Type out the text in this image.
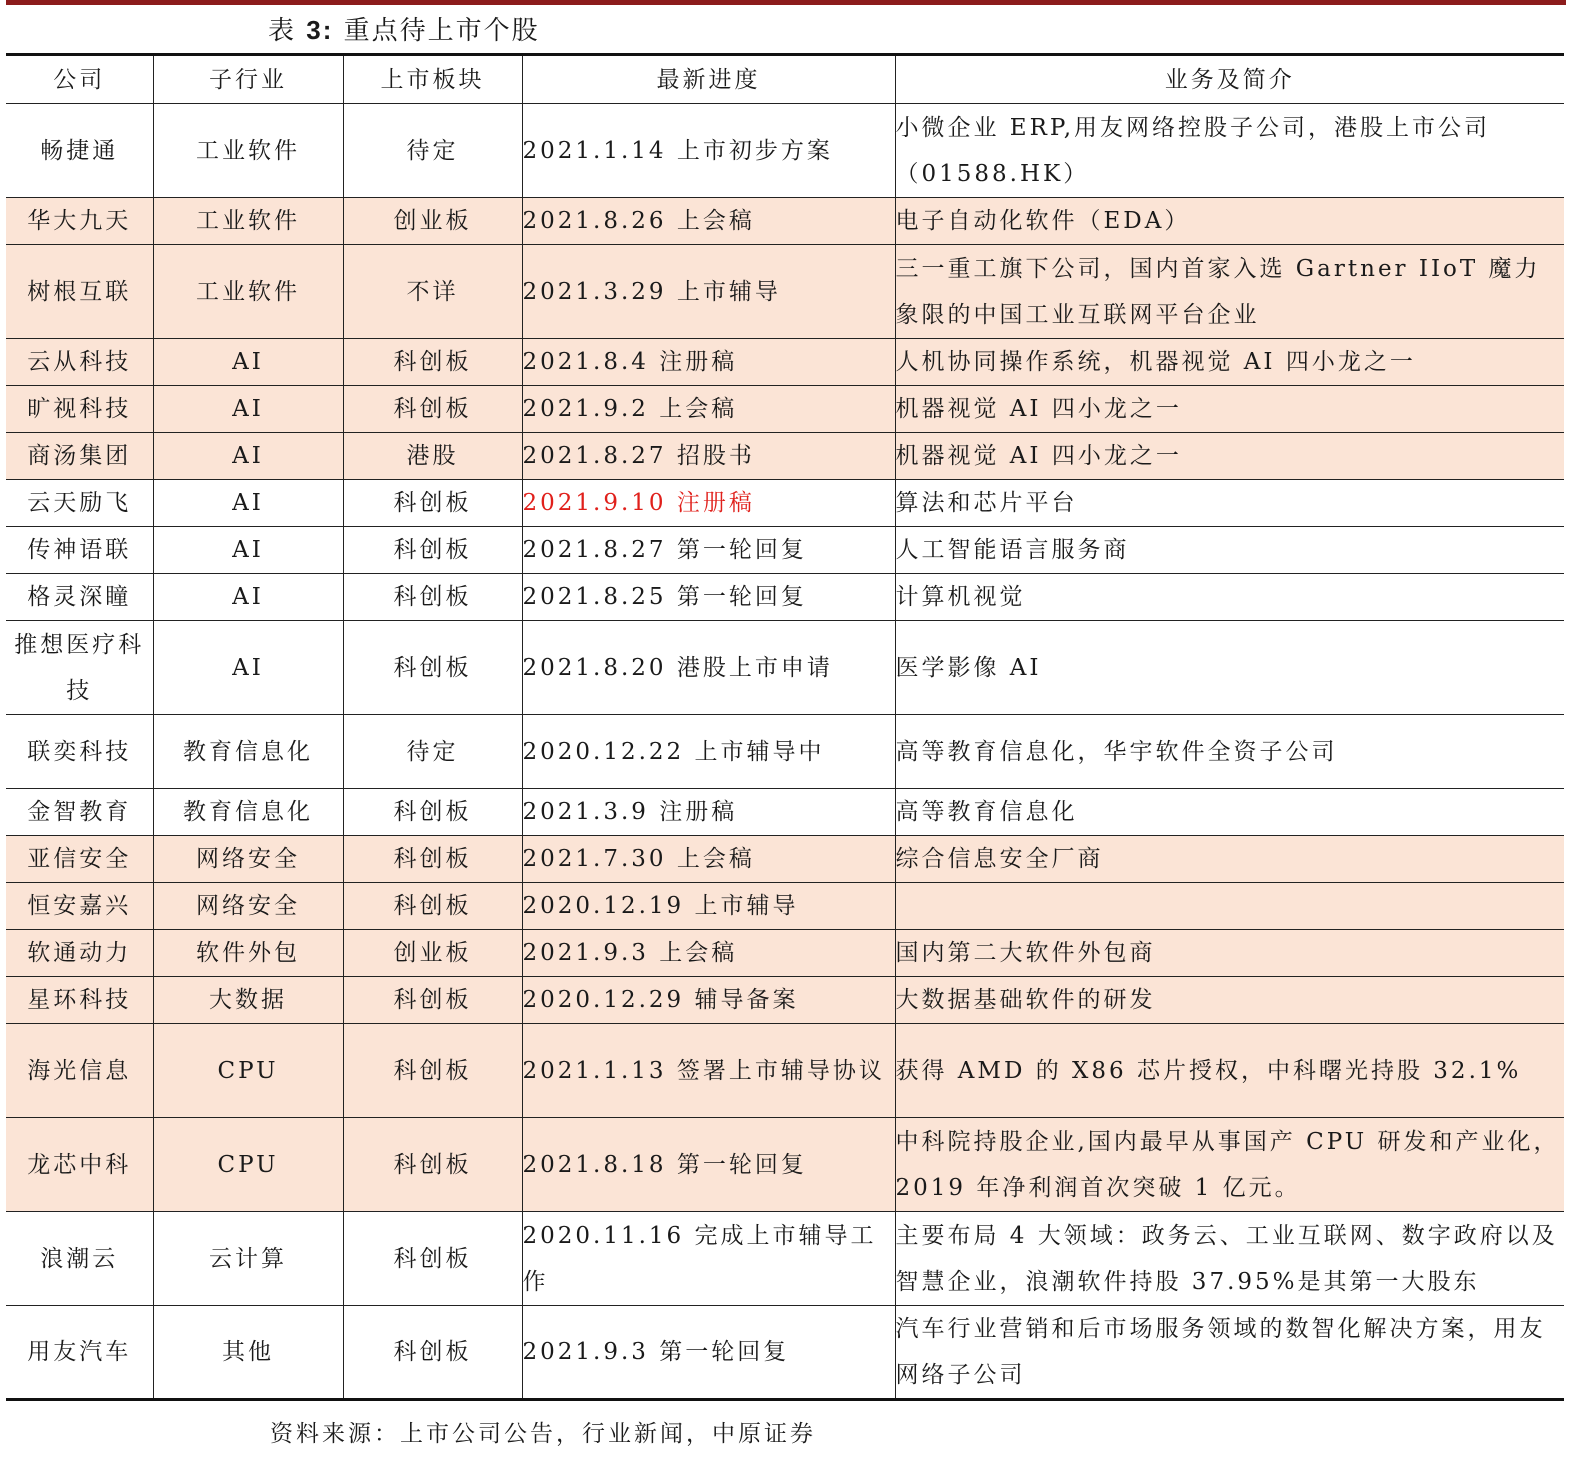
表 3: 重点待上市个股
公司	子行业	上市板块	最新进度	业务及简介
畅捷通	工业软件	待定	2021.1.14 上市初步方案	小微企业 ERP,用友网络控股子公司，港股上市公司（01588.HK）
华大九天	工业软件	创业板	2021.8.26 上会稿	电子自动化软件（EDA）
树根互联	工业软件	不详	2021.3.29 上市辅导	三一重工旗下公司，国内首家入选 Gartner IIoT 魔力象限的中国工业互联网平台企业
云从科技	AI	科创板	2021.8.4 注册稿	人机协同操作系统，机器视觉 AI 四小龙之一
旷视科技	AI	科创板	2021.9.2 上会稿	机器视觉 AI 四小龙之一
商汤集团	AI	港股	2021.8.27 招股书	机器视觉 AI 四小龙之一
云天励飞	AI	科创板	2021.9.10 注册稿	算法和芯片平台
传神语联	AI	科创板	2021.8.27 第一轮回复	人工智能语言服务商
格灵深瞳	AI	科创板	2021.8.25 第一轮回复	计算机视觉
推想医疗科技	AI	科创板	2021.8.20 港股上市申请	医学影像 AI
联奕科技	教育信息化	待定	2020.12.22 上市辅导中	高等教育信息化，华宇软件全资子公司
金智教育	教育信息化	科创板	2021.3.9 注册稿	高等教育信息化
亚信安全	网络安全	科创板	2021.7.30 上会稿	综合信息安全厂商
恒安嘉兴	网络安全	科创板	2020.12.19 上市辅导	
软通动力	软件外包	创业板	2021.9.3 上会稿	国内第二大软件外包商
星环科技	大数据	科创板	2020.12.29 辅导备案	大数据基础软件的研发
海光信息	CPU	科创板	2021.1.13 签署上市辅导协议	获得 AMD 的 X86 芯片授权，中科曙光持股 32.1%
龙芯中科	CPU	科创板	2021.8.18 第一轮回复	中科院持股企业,国内最早从事国产 CPU 研发和产业化，2019 年净利润首次突破 1 亿元。
浪潮云	云计算	科创板	2020.11.16 完成上市辅导工作	主要布局 4 大领域：政务云、工业互联网、数字政府以及智慧企业，浪潮软件持股 37.95%是其第一大股东
用友汽车	其他	科创板	2021.9.3 第一轮回复	汽车行业营销和后市场服务领域的数智化解决方案，用友网络子公司
资料来源：上市公司公告，行业新闻，中原证券
